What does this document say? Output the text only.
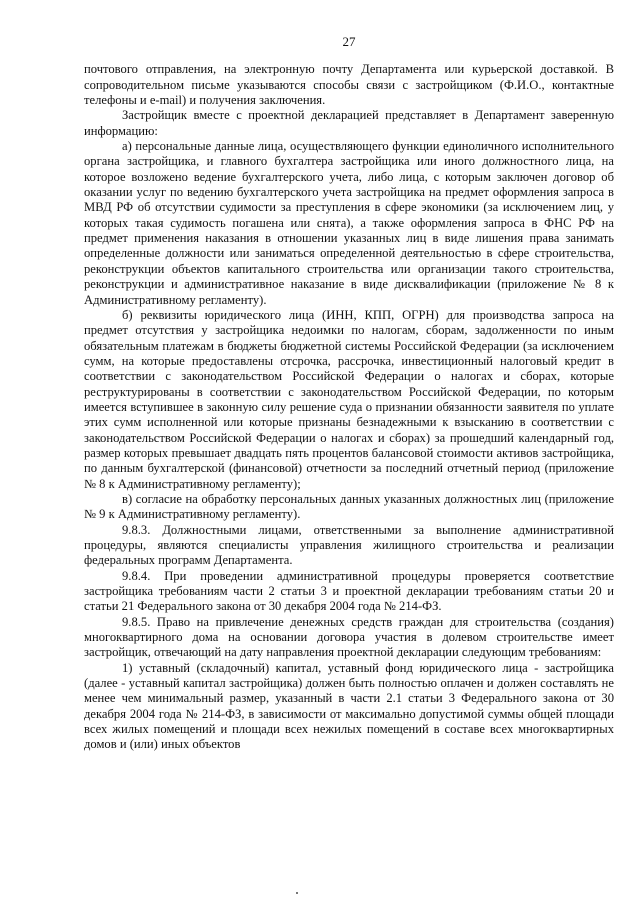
27

почтового отправления, на электронную почту Департамента или курьерской доставкой. В сопроводительном письме указываются способы связи с застройщиком (Ф.И.О., контактные телефоны и e-mail) и получения заключения.

Застройщик вместе с проектной декларацией представляет в Департамент заверенную информацию:

а) персональные данные лица, осуществляющего функции единоличного исполнительного органа застройщика, и главного бухгалтера застройщика или иного должностного лица, на которое возложено ведение бухгалтерского учета, либо лица, с которым заключен договор об оказании услуг по ведению бухгалтерского учета застройщика на предмет оформления запроса в МВД РФ об отсутствии судимости за преступления в сфере экономики (за исключением лиц, у которых такая судимость погашена или снята), а также оформления запроса в ФНС РФ на предмет применения наказания в отношении указанных лиц в виде лишения права занимать определенные должности или заниматься определенной деятельностью в сфере строительства, реконструкции объектов капитального строительства или организации такого строительства, реконструкции и административное наказание в виде дисквалификации (приложение № 8 к Административному регламенту).

б) реквизиты юридического лица (ИНН, КПП, ОГРН) для производства запроса на предмет отсутствия у застройщика недоимки по налогам, сборам, задолженности по иным обязательным платежам в бюджеты бюджетной системы Российской Федерации (за исключением сумм, на которые предоставлены отсрочка, рассрочка, инвестиционный налоговый кредит в соответствии с законодательством Российской Федерации о налогах и сборах, которые реструктурированы в соответствии с законодательством Российской Федерации, по которым имеется вступившее в законную силу решение суда о признании обязанности заявителя по уплате этих сумм исполненной или которые признаны безнадежными к взысканию в соответствии с законодательством Российской Федерации о налогах и сборах) за прошедший календарный год, размер которых превышает двадцать пять процентов балансовой стоимости активов застройщика, по данным бухгалтерской (финансовой) отчетности за последний отчетный период (приложение № 8 к Административному регламенту);

в) согласие на обработку персональных данных указанных должностных лиц (приложение № 9 к Административному регламенту).

9.8.3. Должностными лицами, ответственными за выполнение административной процедуры, являются специалисты управления жилищного строительства и реализации федеральных программ Департамента.

9.8.4. При проведении административной процедуры проверяется соответствие застройщика требованиям части 2 статьи 3 и проектной декларации требованиям статьи 20 и статьи 21 Федерального закона от 30 декабря 2004 года № 214-ФЗ.

9.8.5. Право на привлечение денежных средств граждан для строительства (создания) многоквартирного дома на основании договора участия в долевом строительстве имеет застройщик, отвечающий на дату направления проектной декларации следующим требованиям:

1) уставный (складочный) капитал, уставный фонд юридического лица - застройщика (далее - уставный капитал застройщика) должен быть полностью оплачен и должен составлять не менее чем минимальный размер, указанный в части 2.1 статьи 3 Федерального закона от 30 декабря 2004 года № 214-ФЗ, в зависимости от максимально допустимой суммы общей площади всех жилых помещений и площади всех нежилых помещений в составе всех многоквартирных домов и (или) иных объектов
